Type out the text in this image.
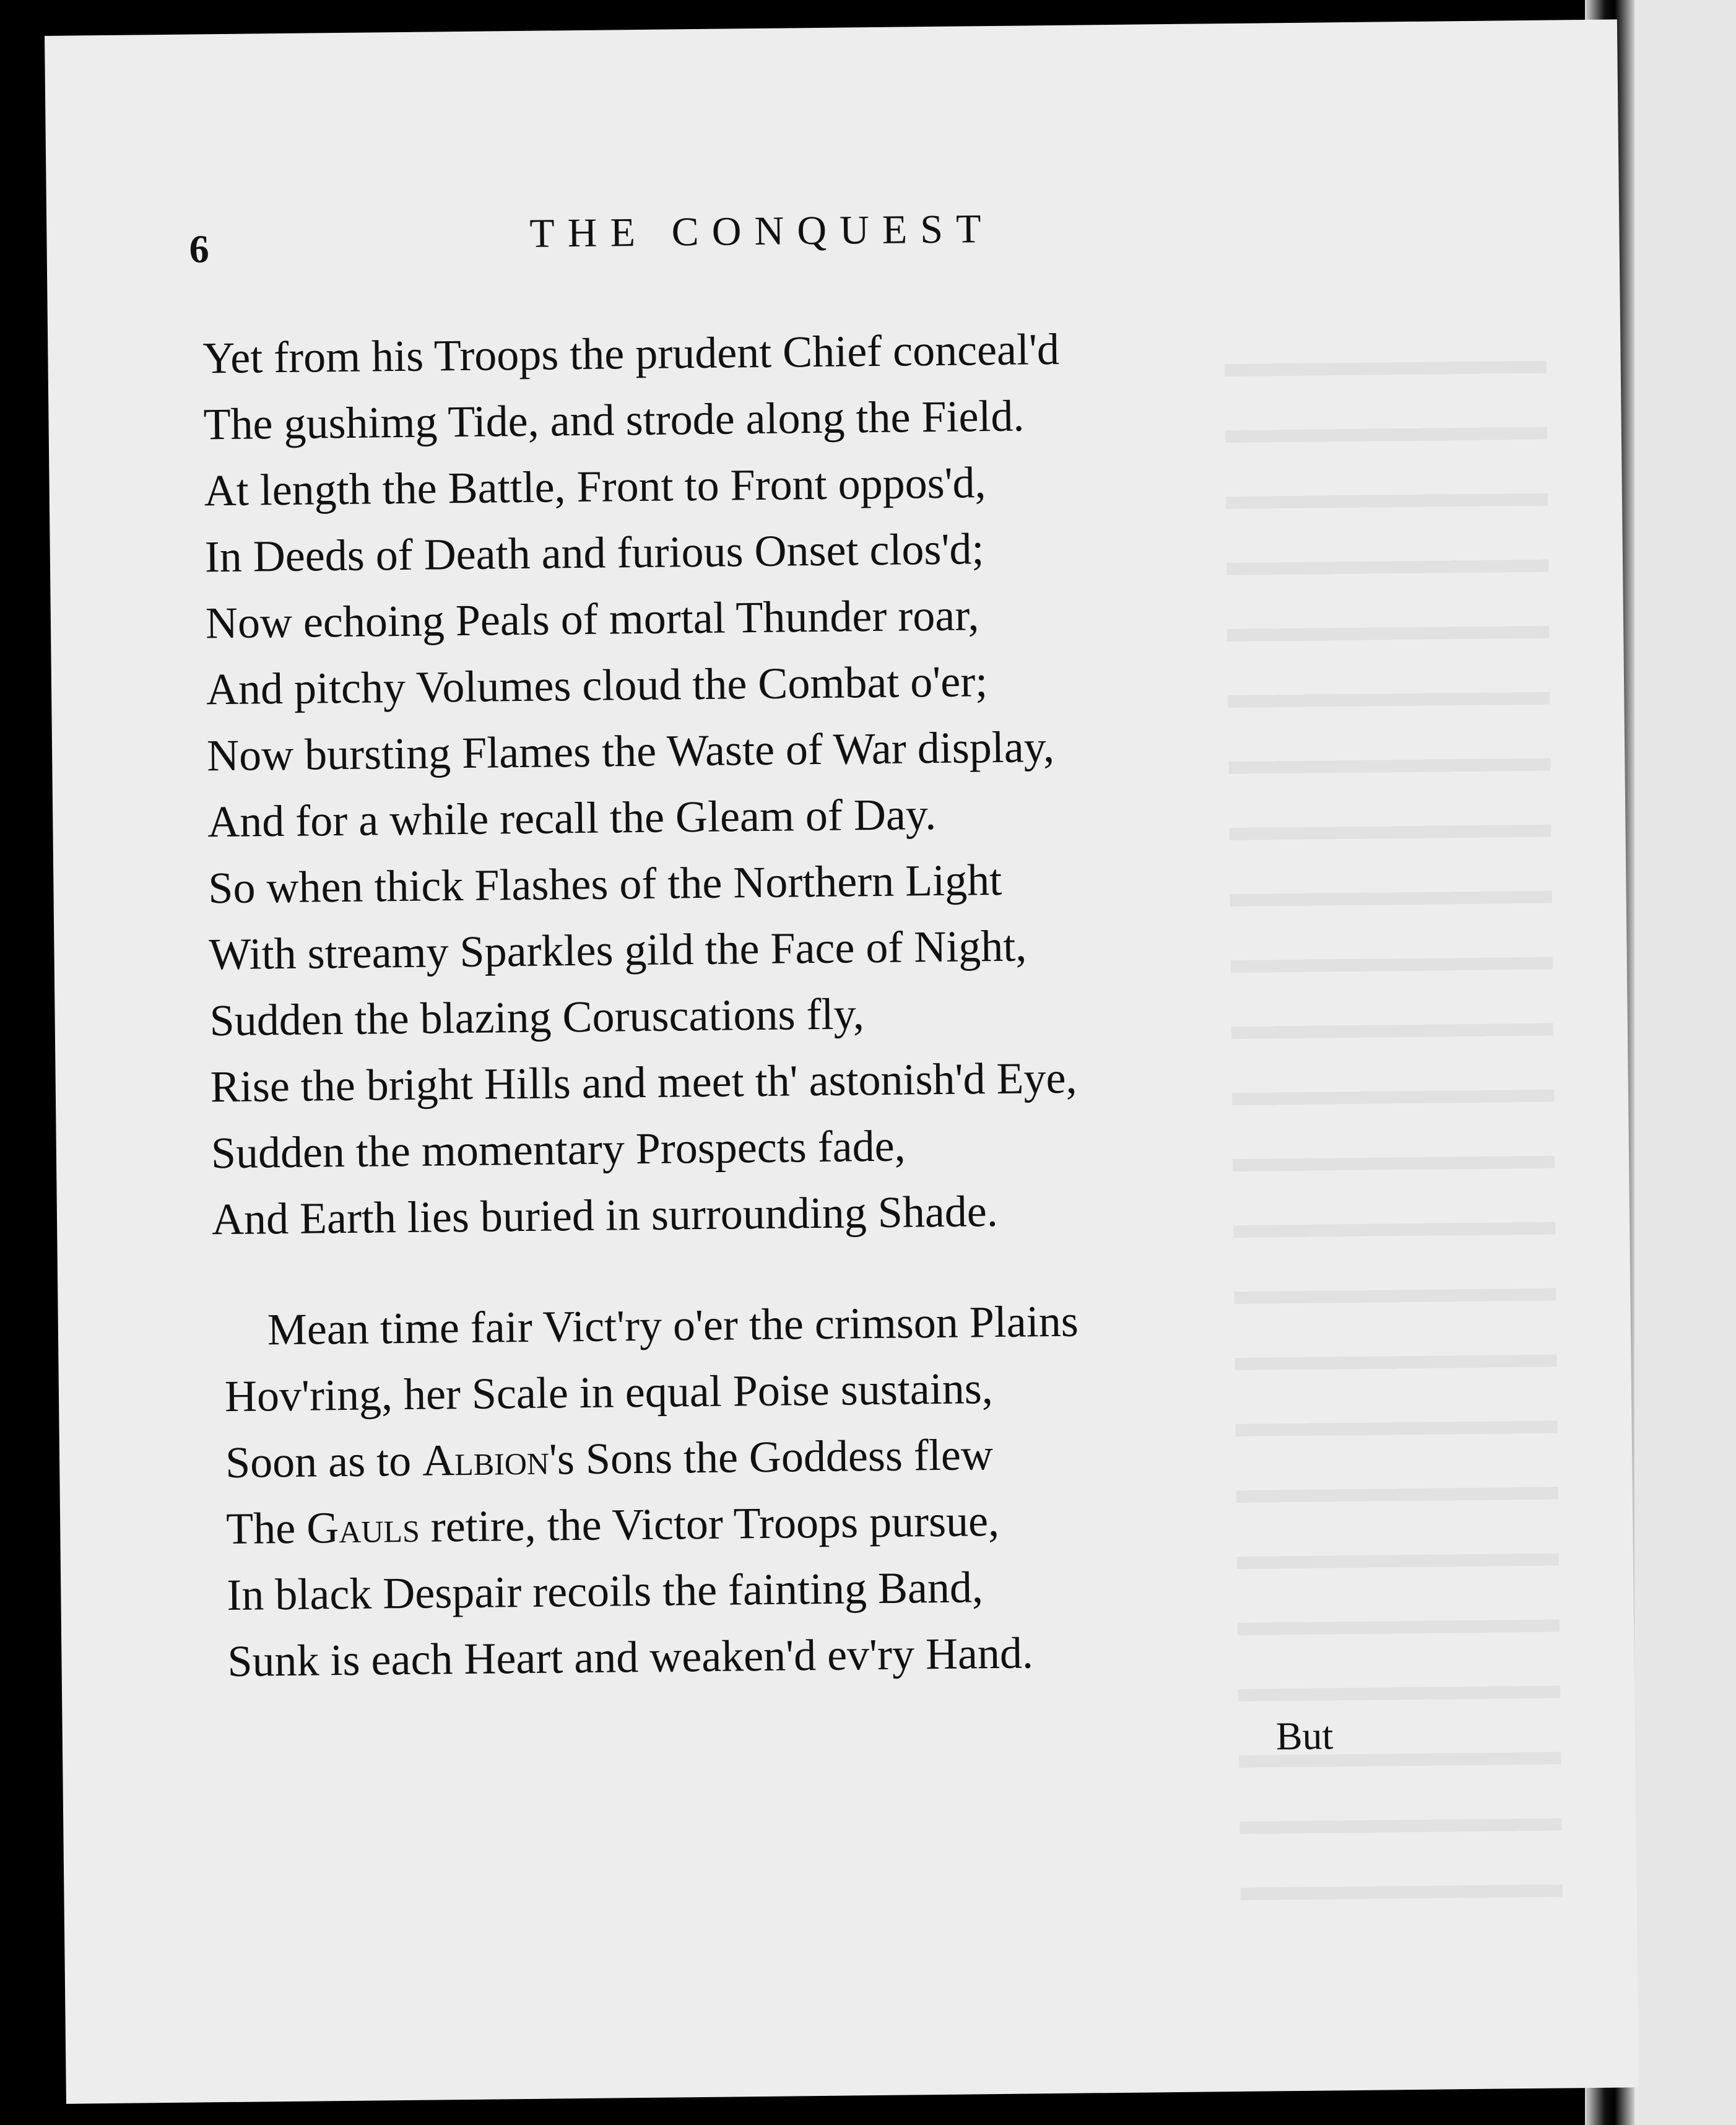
6	THE CONQUEST
Yet from his Troops the prudent Chief conceal'd
The gushimg Tide, and strode along the Field.
At length the Battle, Front to Front oppos'd,
In Deeds of Death and furious Onset clos'd;
Now echoing Peals of mortal Thunder roar,
And pitchy Volumes cloud the Combat o'er;
Now bursting Flames the Waste of War display,
And for a while recall the Gleam of Day.
So when thick Flashes of the Northern Light
With streamy Sparkles gild the Face of Night,
Sudden the blazing Coruscations fly,
Rise the bright Hills and meet th' astonish'd Eye,
Sudden the momentary Prospects fade,
And Earth lies buried in surrounding Shade.
Mean time fair Vict'ry o'er the crimson Plains
Hov'ring, her Scale in equal Poise sustains,
Soon as to Albion's Sons the Goddess flew
The Gauls retire, the Victor Troops pursue,
In black Despair recoils the fainting Band,
Sunk is each Heart and weaken'd ev'ry Hand.
But
